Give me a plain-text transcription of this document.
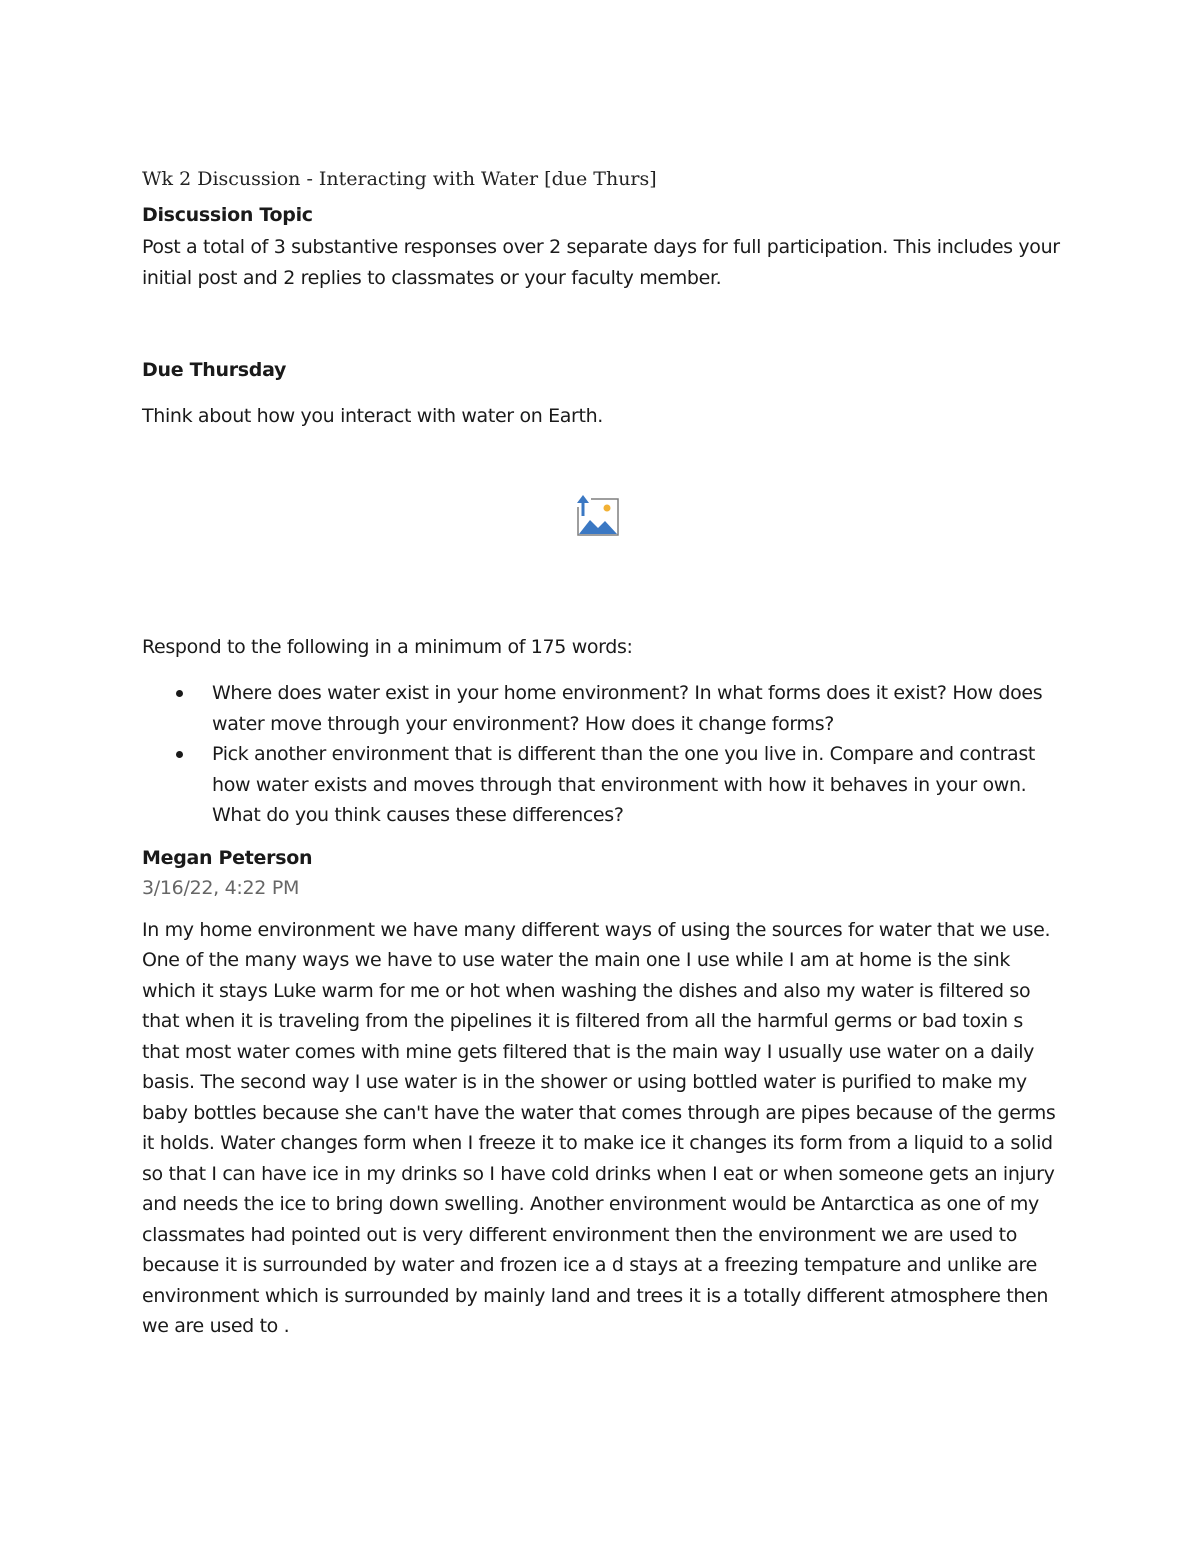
Wk 2 Discussion - Interacting with Water [due Thurs]
Discussion Topic

Post a total of 3 substantive responses over 2 separate days for full participation. This includes your initial post and 2 replies to classmates or your faculty member.

Due Thursday

Think about how you interact with water on Earth.

Respond to the following in a minimum of 175 words:

Where does water exist in your home environment? In what forms does it exist? How does water move through your environment? How does it change forms?
Pick another environment that is different than the one you live in. Compare and contrast how water exists and moves through that environment with how it behaves in your own. What do you think causes these differences?
Megan Peterson
3/16/22, 4:22 PM

In my home environment we have many different ways of using the sources for water that we use. One of the many ways we have to use water the main one I use while I am at home is the sink which it stays Luke warm for me or hot when washing the dishes and also my water is filtered so that when it is traveling from the pipelines it is filtered from all the harmful germs or bad toxin s that most water comes with mine gets filtered that is the main way I usually use water on a daily basis. The second way I use water is in the shower or using bottled water is purified to make my baby bottles because she can't have the water that comes through are pipes because of the germs it holds. Water changes form when I freeze it to make ice it changes its form from a liquid to a solid so that I can have ice in my drinks so I have cold drinks when I eat or when someone gets an injury and needs the ice to bring down swelling. Another environment would be Antarctica as one of my classmates had pointed out is very different environment then the environment we are used to because it is surrounded by water and frozen ice a d stays at a freezing tempature and unlike are environment which is surrounded by mainly land and trees it is a totally different atmosphere then we are used to .
